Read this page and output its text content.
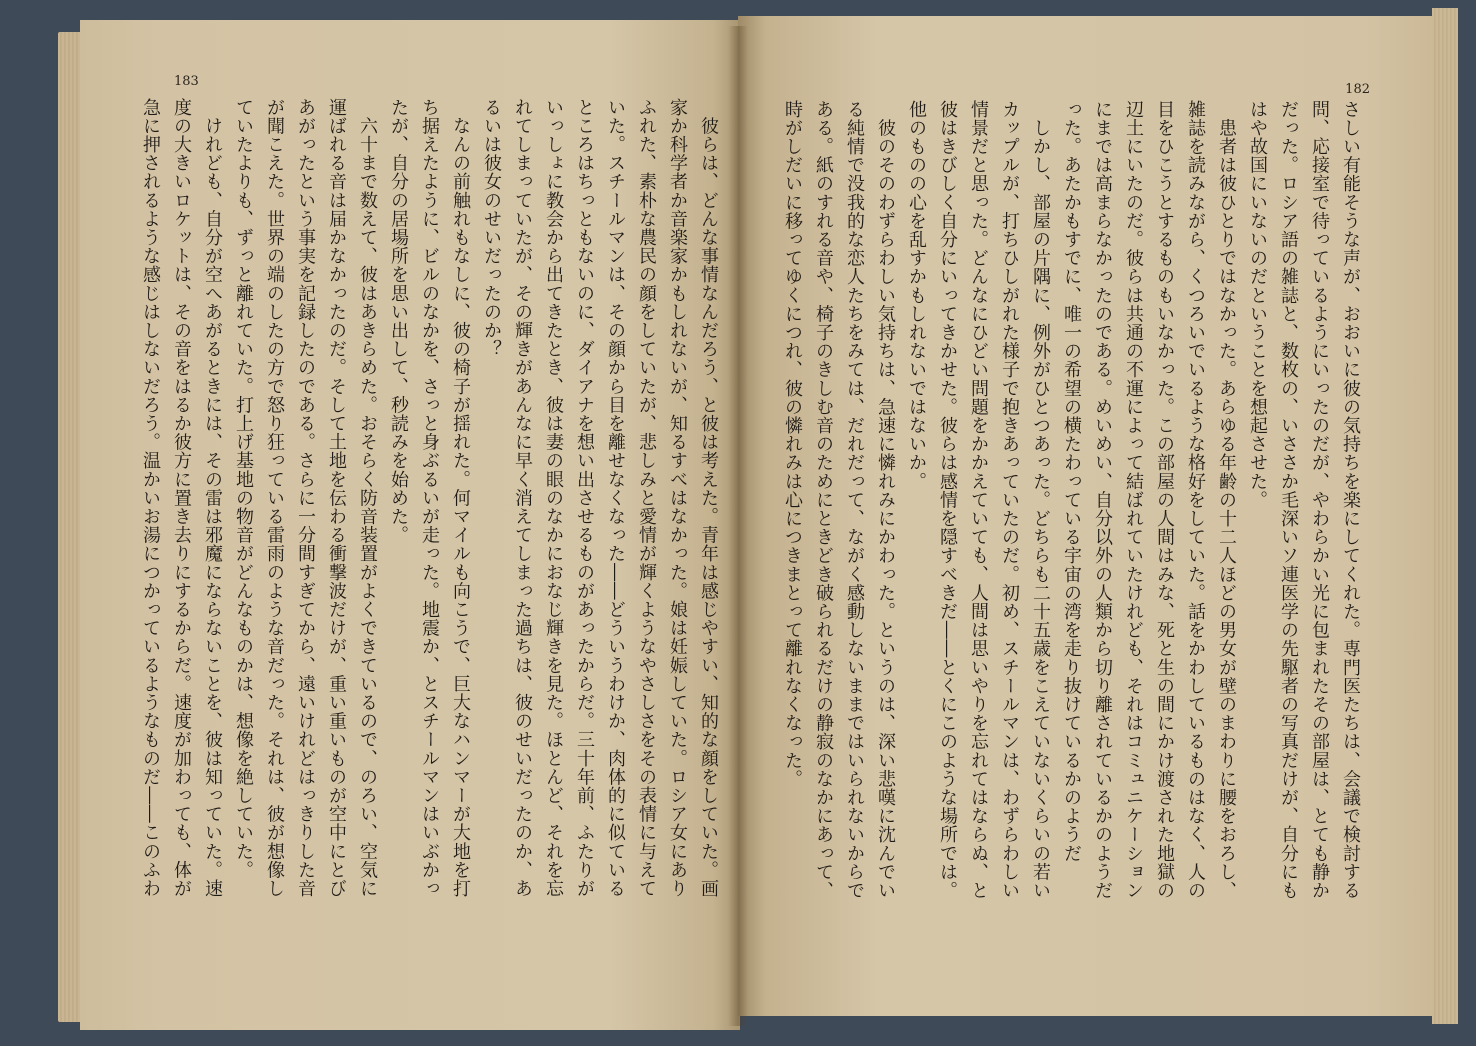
183
　彼らは、どんな事情なんだろう、と彼は考えた。青年は感じやすい、知的な顔をしていた。画
家か科学者か音楽家かもしれないが、知るすべはなかった。娘は妊娠していた。ロシア女にあり
ふれた、素朴な農民の顔をしていたが、悲しみと愛情が輝くようなやさしさをその表情に与えて
いた。スチールマンは、その顔から目を離せなくなった――どういうわけか、肉体的に似ている
ところはちっともないのに、ダイアナを想い出させるものがあったからだ。三十年前、ふたりが
いっしょに教会から出てきたとき、彼は妻の眼のなかにおなじ輝きを見た。ほとんど、それを忘
れてしまっていたが、その輝きがあんなに早く消えてしまった過ちは、彼のせいだったのか、あ
るいは彼女のせいだったのか？
　なんの前触れもなしに、彼の椅子が揺れた。何マイルも向こうで、巨大なハンマーが大地を打
ち据えたように、ビルのなかを、さっと身ぶるいが走った。地震か、とスチールマンはいぶかっ
たが、自分の居場所を思い出して、秒読みを始めた。
　六十まで数えて、彼はあきらめた。おそらく防音装置がよくできているので、のろい、空気に
運ばれる音は届かなかったのだ。そして土地を伝わる衝撃波だけが、重い重いものが空中にとび
あがったという事実を記録したのである。さらに一分間すぎてから、遠いけれどはっきりした音
が聞こえた。世界の端のしたの方で怒り狂っている雷雨のような音だった。それは、彼が想像し
ていたよりも、ずっと離れていた。打上げ基地の物音がどんなものかは、想像を絶していた。
　けれども、自分が空へあがるときには、その雷は邪魔にならないことを、彼は知っていた。速
度の大きいロケットは、その音をはるか彼方に置き去りにするからだ。速度が加わっても、体が
急に押されるような感じはしないだろう。温かいお湯につかっているようなものだ――このふわ
182
さしい有能そうな声が、おおいに彼の気持ちを楽にしてくれた。専門医たちは、会議で検討する
問、応接室で待っているようにいったのだが、やわらかい光に包まれたその部屋は、とても静か
だった。ロシア語の雑誌と、数枚の、いささか毛深いソ連医学の先駆者の写真だけが、自分にも
はや故国にいないのだということを想起させた。
　患者は彼ひとりではなかった。あらゆる年齢の十二人ほどの男女が壁のまわりに腰をおろし、
雑誌を読みながら、くつろいでいるような格好をしていた。話をかわしているものはなく、人の
目をひこうとするものもいなかった。この部屋の人間はみな、死と生の間にかけ渡された地獄の
辺土にいたのだ。彼らは共通の不運によって結ばれていたけれども、それはコミュニケーション
にまでは高まらなかったのである。めいめい、自分以外の人類から切り離されているかのようだ
った。あたかもすでに、唯一の希望の横たわっている宇宙の湾を走り抜けているかのようだ
　しかし、部屋の片隅に、例外がひとつあった。どちらも二十五歳をこえていないくらいの若い
カップルが、打ちひしがれた様子で抱きあっていたのだ。初め、スチールマンは、わずらわしい
情景だと思った。どんなにひどい問題をかかえていても、人間は思いやりを忘れてはならぬ、と
彼はきびしく自分にいってきかせた。彼らは感情を隠すべきだ――とくにこのような場所では。
他のものの心を乱すかもしれないではないか。
　彼のそのわずらわしい気持ちは、急速に憐れみにかわった。というのは、深い悲嘆に沈んでい
る純情で没我的な恋人たちをみては、だれだって、ながく感動しないままではいられないからで
ある。紙のすれる音や、椅子のきしむ音のためにときどき破られるだけの静寂のなかにあって、
時がしだいに移ってゆくにつれ、彼の憐れみは心につきまとって離れなくなった。
